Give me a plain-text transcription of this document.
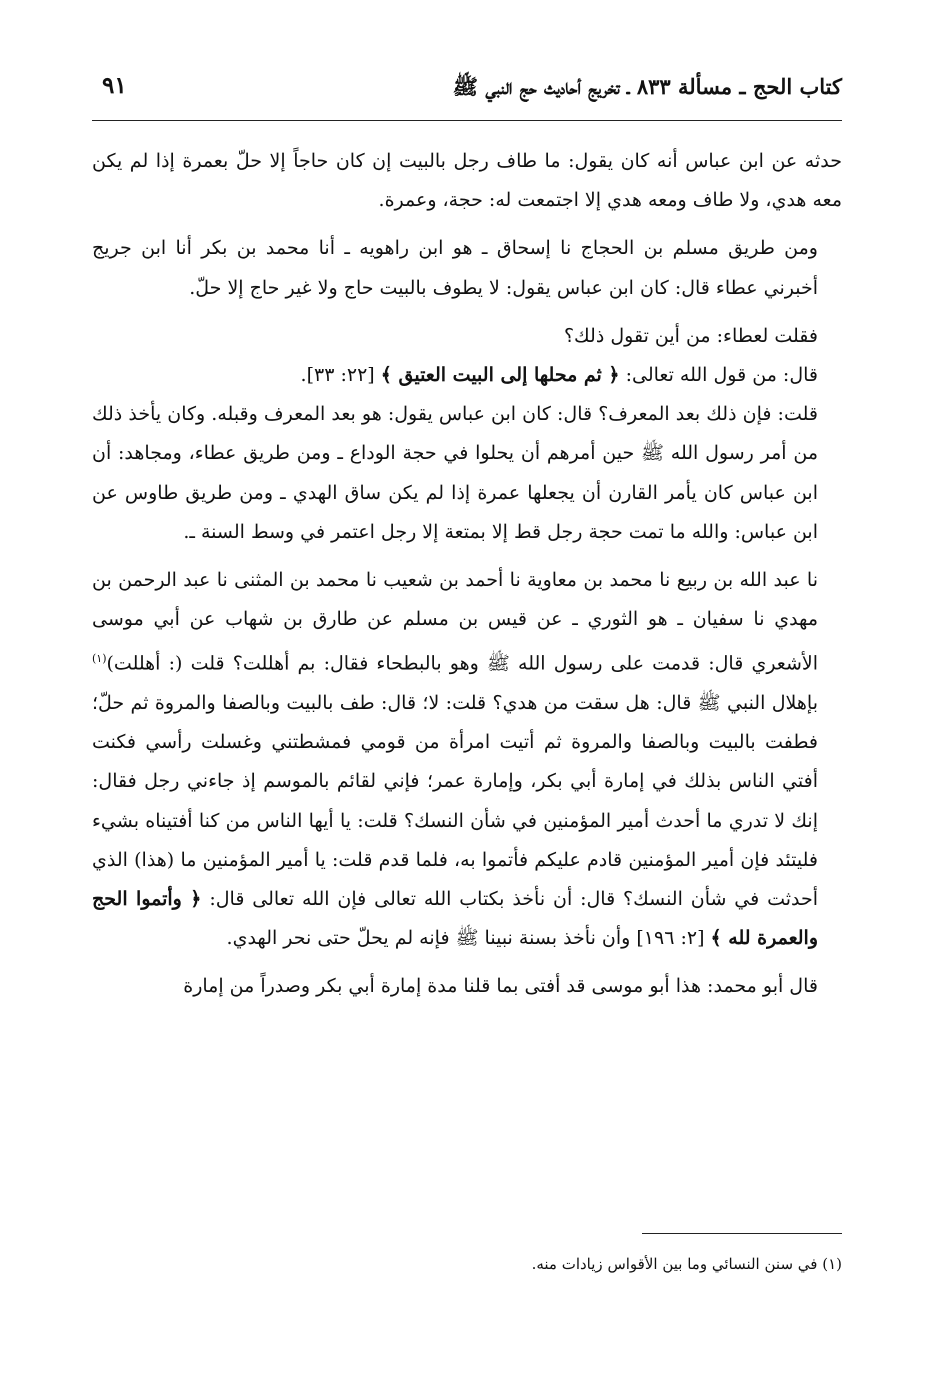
كتاب الحج ـ مسألة ٨٣٣ ـ تخريج أحاديث حج النبي ﷺ
٩١

حدثه عن ابن عباس أنه كان يقول: ما طاف رجل بالبيت إن كان حاجاً إلا حلّ بعمرة إذا لم يكن معه هدي، ولا طاف ومعه هدي إلا اجتمعت له: حجة، وعمرة.

ومن طريق مسلم بن الحجاج نا إسحاق ـ هو ابن راهويه ـ أنا محمد بن بكر أنا ابن جريج أخبرني عطاء قال: كان ابن عباس يقول: لا يطوف بالبيت حاج ولا غير حاج إلا حلّ.

فقلت لعطاء: من أين تقول ذلك؟

قال: من قول الله تعالى: ﴿ ثم محلها إلى البيت العتيق ﴾ [٢٢: ٣٣].

قلت: فإن ذلك بعد المعرف؟ قال: كان ابن عباس يقول: هو بعد المعرف وقبله. وكان يأخذ ذلك من أمر رسول الله ﷺ حين أمرهم أن يحلوا في حجة الوداع ـ ومن طريق عطاء، ومجاهد: أن ابن عباس كان يأمر القارن أن يجعلها عمرة إذا لم يكن ساق الهدي ـ ومن طريق طاوس عن ابن عباس: والله ما تمت حجة رجل قط إلا بمتعة إلا رجل اعتمر في وسط السنة ـ.

نا عبد الله بن ربيع نا محمد بن معاوية نا أحمد بن شعيب نا محمد بن المثنى نا عبد الرحمن بن مهدي نا سفيان ـ هو الثوري ـ عن قيس بن مسلم عن طارق بن شهاب عن أبي موسى الأشعري قال: قدمت على رسول الله ﷺ وهو بالبطحاء فقال: بم أهللت؟ قلت (: أهللت)$^{(١)}$ بإهلال النبي ﷺ قال: هل سقت من هدي؟ قلت: لا؛ قال: طف بالبيت وبالصفا والمروة ثم حلّ؛ فطفت بالبيت وبالصفا والمروة ثم أتيت امرأة من قومي فمشطتني وغسلت رأسي فكنت أفتي الناس بذلك في إمارة أبي بكر، وإمارة عمر؛ فإني لقائم بالموسم إذ جاءني رجل فقال: إنك لا تدري ما أحدث أمير المؤمنين في شأن النسك؟ قلت: يا أيها الناس من كنا أفتيناه بشيء فليتئد فإن أمير المؤمنين قادم عليكم فأتموا به، فلما قدم قلت: يا أمير المؤمنين ما (هذا) الذي أحدثت في شأن النسك؟ قال: أن نأخذ بكتاب الله تعالى فإن الله تعالى قال: ﴿ وأتموا الحج والعمرة لله ﴾ [٢: ١٩٦] وأن نأخذ بسنة نبينا ﷺ فإنه لم يحلّ حتى نحر الهدي.

قال أبو محمد: هذا أبو موسى قد أفتى بما قلنا مدة إمارة أبي بكر وصدراً من إمارة

(١) في سنن النسائي وما بين الأقواس زيادات منه.
